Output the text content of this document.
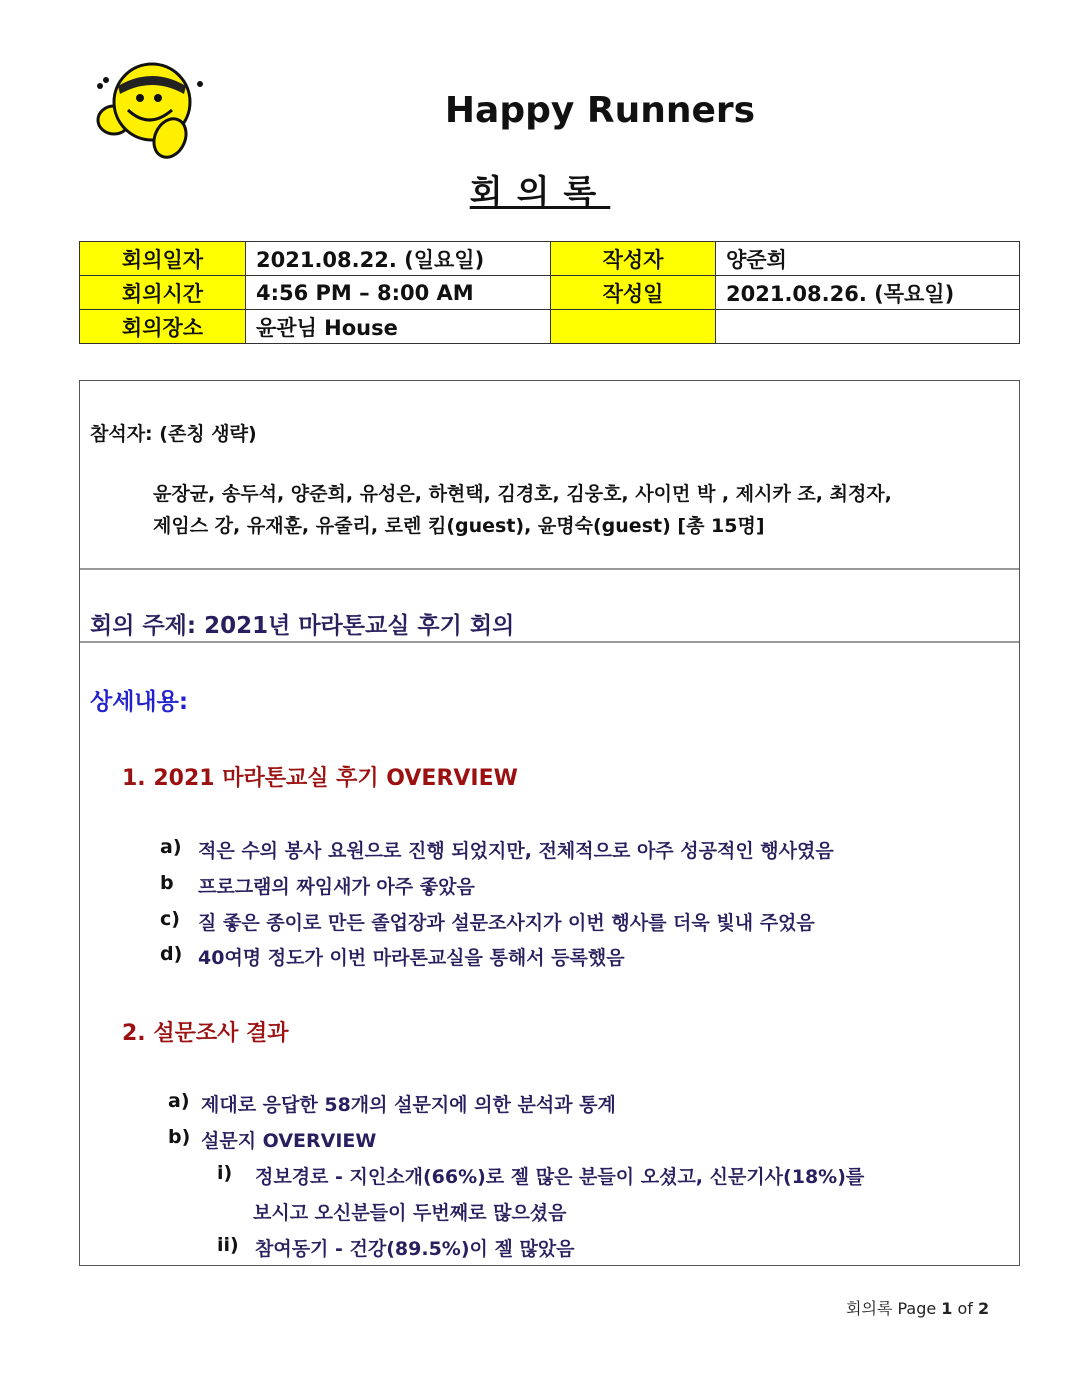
Happy Runners
회의록
회의일자	2021.08.22. (일요일)	작성자	양준희
회의시간	4:56 PM – 8:00 AM	작성일	2021.08.26. (목요일)
회의장소	윤관님 House		
참석자: (존칭 생략)
윤장균, 송두석, 양준희, 유성은, 하현택, 김경호, 김웅호, 사이먼 박 , 제시카 조, 최정자,
제임스 강, 유재훈, 유줄리, 로렌 킴(guest), 윤명숙(guest) [총 15명]
회의 주제: 2021년 마라톤교실 후기 회의
상세내용:
1. 2021 마라톤교실 후기 OVERVIEW
a) 적은 수의 봉사 요원으로 진행 되었지만, 전체적으로 아주 성공적인 행사였음
b 프로그램의 짜임새가 아주 좋았음
c) 질 좋은 종이로 만든 졸업장과 설문조사지가 이번 행사를 더욱 빛내 주었음
d) 40여명 정도가 이번 마라톤교실을 통해서 등록했음
2. 설문조사 결과
a) 제대로 응답한 58개의 설문지에 의한 분석과 통계
b) 설문지 OVERVIEW
i) 정보경로 - 지인소개(66%)로 젤 많은 분들이 오셨고, 신문기사(18%)를
보시고 오신분들이 두번째로 많으셨음
ii) 참여동기 - 건강(89.5%)이 젤 많았음
회의록 Page 1 of 2
